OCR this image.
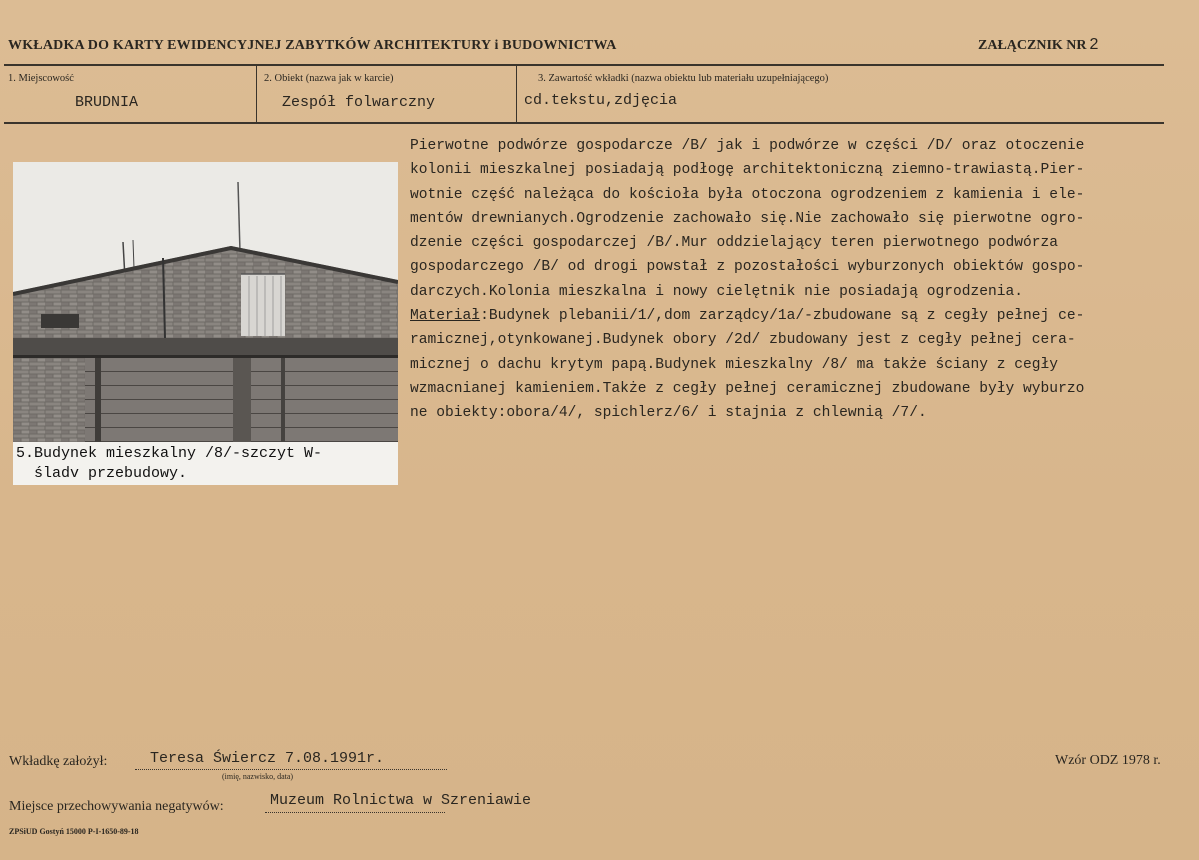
WKŁADKA DO KARTY EWIDENCYJNEJ ZABYTKÓW ARCHITEKTURY i BUDOWNICTWA	ZAŁĄCZNIK NR 2
1. Miejscowość
BRUDNIA
2. Obiekt (nazwa jak w karcie)
Zespół folwarczny
3. Zawartość wkładki (nazwa obiektu lub materiału uzupełniającego)
cd.tekstu,zdjęcia
Pierwotne podwórze gospodarcze /B/ jak i podwórze w części /D/ oraz otoczenie
kolonii mieszkalnej posiadają podłogę architektoniczną ziemno-trawiastą.Pier-
wotnie część należąca do kościoła była otoczona ogrodzeniem z kamienia i ele-
mentów drewnianych.Ogrodzenie zachowało się.Nie zachowało się pierwotne ogro-
dzenie części gospodarczej /B/.Mur oddzielający teren pierwotnego podwórza
gospodarczego /B/ od drogi powstał z pozostałości wyburzonych obiektów gospo-
darczych.Kolonia mieszkalna i nowy cielętnik nie posiadają ogrodzenia.
Materiał:Budynek plebanii/1/,dom zarządcy/1a/-zbudowane są z cegły pełnej ce-
ramicznej,otynkowanej.Budynek obory /2d/ zbudowany jest z cegły pełnej cera-
micznej o dachu krytym papą.Budynek mieszkalny /8/ ma także ściany z cegły
wzmacnianej kamieniem.Także z cegły pełnej ceramicznej zbudowane były wyburzo
ne obiekty:obora/4/, spichlerz/6/ i stajnia z chlewnią /7/.
5.Budynek mieszkalny /8/-szczyt W-
śladv przebudowy.
Wkładkę założył:	Teresa Świercz 7.08.1991r.
(imię, nazwisko, data)
Wzór ODZ 1978 r.
Miejsce przechowywania negatywów:	Muzeum Rolnictwa w Szreniawie
ZPSiUD Gostyń 15000 P-I-1650-89-18
